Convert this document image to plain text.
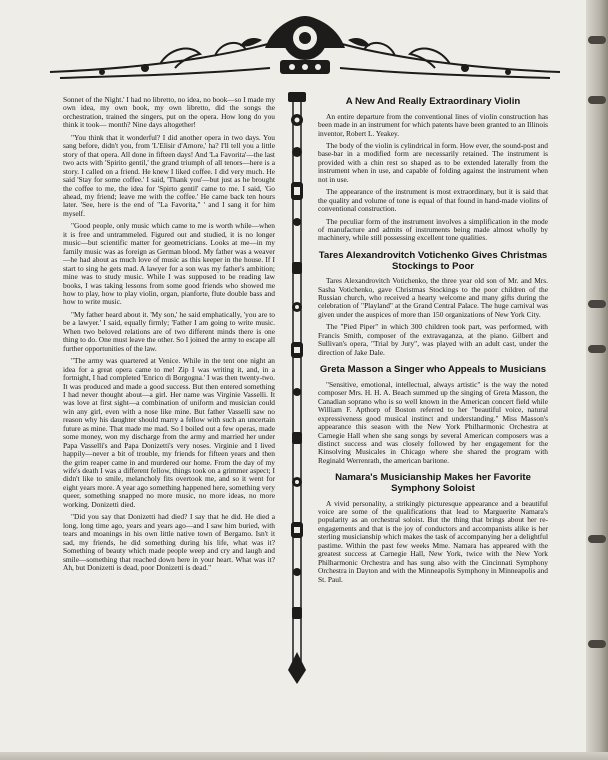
Sonnet of the Night.' I had no libretto, no idea, no book—so I made my own idea, my own book, my own libretto, did the songs the orchestration, trained the singers, put on the opera. How long do you think it took— month? Nine days altogether!

"You think that it wonderful? I did another opera in two days. You sang before, didn't you, from 'L'Elisir d'Amore,' ha? I'll tell you a little story of that opera. All done in fifteen days! And 'La Favorita'—the last two acts with 'Spirito gentil,' the grand triumph of all tenors—here is a story. I called on a friend. He knew I liked coffee. I did very much. He said 'Stay for some coffee.' I said, 'Thank you'—but just as he brought the coffee to me, the idea for 'Spirto gentil' came to me. I said, 'Go ahead, my friend; leave me with the coffee.' He came back ten hours later. 'See, here is the end of "La Favorita," ' and I sang it for him myself.

"Good people, only music which came to me is worth while—when it is free and untrammeled. Figured out and studied, it is no longer music—but scientific matter for geometricians. Looks at me—in my family music was as foreign as German blood. My father was a weaver—he had about as much love of music as this keeper in the house. If I start to sing he gets mad. A lawyer for a son was my father's ambition; mine was to study music. While I was supposed to be reading law books, I was taking lessons from some good friends who showed me how to play, how to play violin, organ, pianforte, flute double bass and how to write music.

"My father heard about it. 'My son,' he said emphatically, 'you are to be a lawyer.' I said, equally firmly; 'Father I am going to write music. When two beloved relations are of two different minds there is one thing to do. One must leave the other. So I joined the army to escape all further opportunities of the law.

"The army was quartered at Venice. While in the tent one night an idea for a great opera came to me! Zip I was writing it, and, in a fortnight, I had completed 'Enrico di Borgogna.' I was then twenty-two. It was produced and made a good success. But then entered something I had never thought about—a girl. Her name was Virginie Vasselli. It was love at first sight—a combination of uniform and musician could win any girl, even with a nose like mine. But father Vasselli saw no reason why his daughter should marry a fellow with such an uncertain future as mine. That made me mad. So I boiled out a few operas, made some money, won my discharge from the army and married her under Papa Vasselli's and Papa Donizetti's very noses. Virginie and I lived happily—never a bit of trouble, my friends for fifteen years and then the grim reaper came in and murdered our home. From the day of my wife's death I was a different fellow, things took on a grimmer aspect; I didn't like to smile, melancholy fits overtook me, and so it went for eight years more. A year ago something happened here, something very queer, something snapped no more music, no more ideas, no more working. Donizetti died.

"Did you say that Donizetti had died? I say that he did. He died a long, long time ago, years and years ago—and I saw him buried, with tears and moanings in his own little native town of Bergamo. Isn't it sad, my friends, he did something during his life, what was it? Something of beauty which made people weep and cry and laugh and smile—something that reached down here in your heart. What was it? Ah, but Donizetti is dead, poor Donizetti is dead."

A New And Really Extraordinary Violin

An entire departure from the conventional lines of violin construction has been made in an instrument for which patents have been granted to an Illinois inventor, Robert L. Yeakey.

The body of the violin is cylindrical in form. How ever, the sound-post and base-bar in a modified form are necessarily retained. The instrument is provided with a chin rest so shaped as to be extended laterally from the instrument when in use, and capable of folding against the instrument when not in use.

The appearance of the instrument is most extraordinary, but it is said that the quality and volume of tone is equal of that found in hand-made violins of conventional construction.

The peculiar form of the instrument involves a simplification in the mode of manufacture and admits of instruments being made almost wholly by machinery, while still possessing excellent tone qualities.

Tares Alexandrovitch Votichenko Gives Christmas Stockings to Poor

Tares Alexandrovitch Votichenko, the three year old son of Mr. and Mrs. Sasha Votichenko, gave Christmas Stockings to the poor children of the Russian church, who received a hearty welcome and many gifts during the celebration of "Playland" at the Grand Central Palace. The huge carnival was given under the auspices of more than 150 organizations of New York City.

The "Pied Piper" in which 300 children took part, was performed, with Francis Smith, composer of the extravaganza, at the piano. Gilbert and Sullivan's opera, "Trial by Jury", was played with an adult cast, under the direction of Jake Dale.

Greta Masson a Singer who Appeals to Musicians

"Sensitive, emotional, intellectual, always artistic" is the way the noted composer Mrs. H. H. A. Beach summed up the singing of Greta Masson, the Canadian soprano who is so well known in the American concert field while William F. Apthorp of Boston referred to her "beautiful voice, natural expressiveness good musical instinct and understanding." Miss Masson's appearance this season with the New York Philharmonic Orchestra at Carnegie Hall when she sang songs by several American composers was a distinct success and was closely followed by her engagement for the Kinsolving Musicales in Chicago where she shared the program with Reginald Werrenrath, the american baritone.

Namara's Musicianship Makes her Favorite Symphony Soloist

A vivid personality, a strikingly picturesque appearance and a beautiful voice are some of the qualifications that lead to Marguerite Namara's popularity as an orchestral soloist. But the thing that brings about her re-engagements and that is the joy of conductors and accompanists alike is her sterling musicianship which makes the task of accompanying her a delightful pastime. Within the past few weeks Mme. Namara has appeared with the greatest success at Carnegie Hall, New York, twice with the New York Philharmonic Orchestra and has sung also with the Cincinnati Symphony Orchestra in Dayton and with the Minneapolis Symphony in Minneapolis and St. Paul.
